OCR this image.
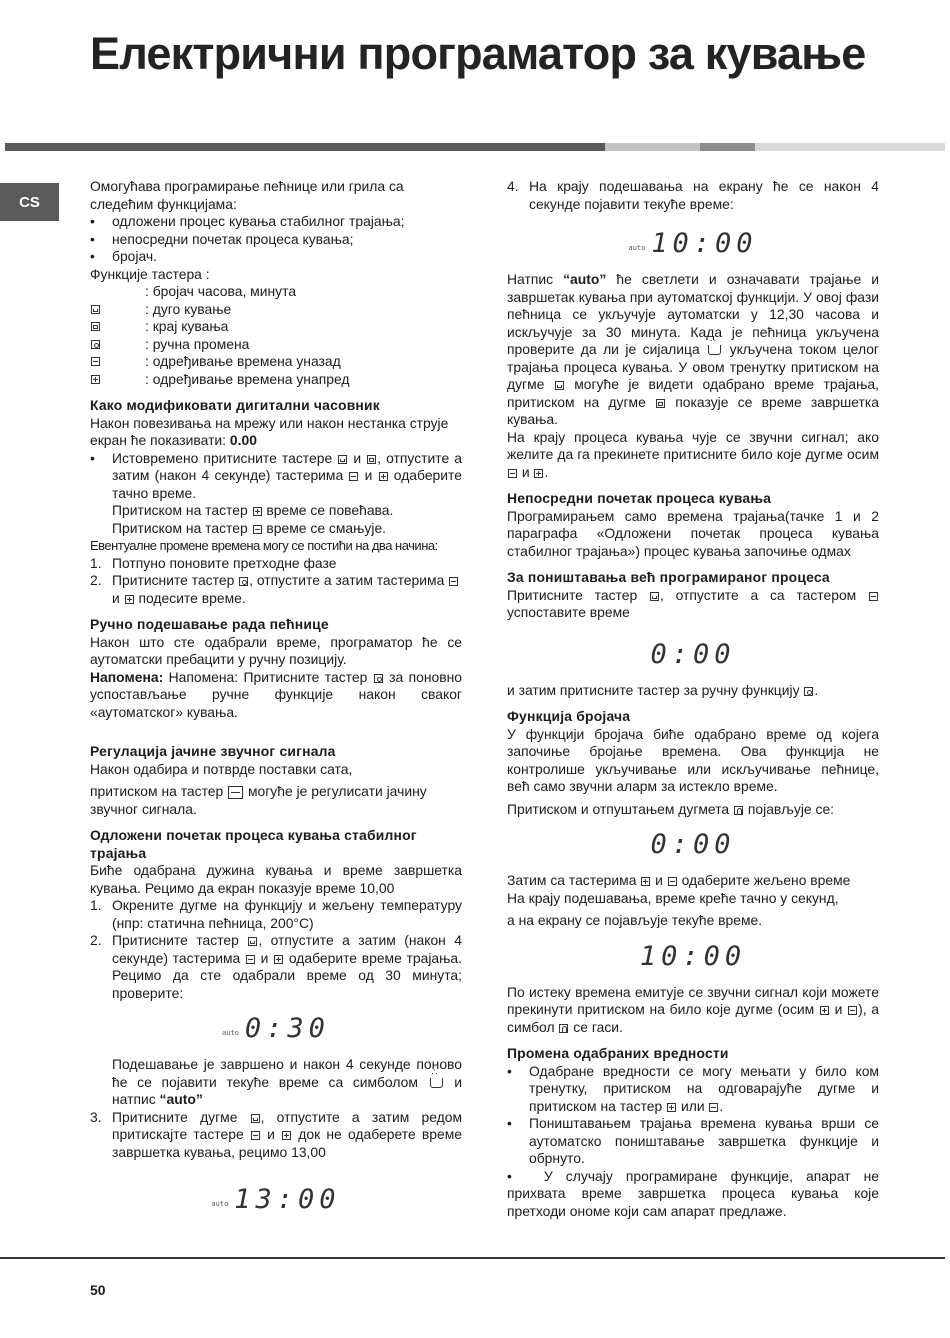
Електрични програматор за кување
CS

Омогућава програмирање пећнице или грила са следећим функцијама:

• одложени процес кувања стабилног трајања;

• непосредни почетак процеса кувања;

• бројач.

Функције тастера :

: бројач часова, минута
: дуго кување
: крај кувања
: ручна промена
: одређивање времена уназад
: одређивање времена унапред

Како модификовати дигитални часовник

Након повезивања на мрежу или након нестанка струје екран ће показивати: 0.00

• Истовремено притисните тастере  и , отпустите а затим (након 4 секунде) тастерима  и  одаберите тачно време.

Притиском на тастер  време се повећава.

Притиском на тастер  време се смањује.

Евентуалне промене времена могу се постићи на два начина:

1. Потпуно поновите претходне фазе

2. Притисните тастер , отпустите а затим тастерима  и  подесите време.

Ручно подешавање рада пећнице

Након што сте одабрали време, програматор ће се аутоматски пребацити у ручну позицију.

Напомена: Напомена: Притисните тастер  за поновно успостављање ручне функције након сваког «аутоматског» кувања.

Регулација јачине звучног сигнала

Након одабира и потврде поставки сата,

притиском на тастер  могуће је регулисати јачину звучног сигнала.

Одложени почетак процеса кувања стабилног трајања

Биће одабрана дужина кувања и време завршетка кувања. Рецимо да екран показује време 10,00

1. Окрените дугме на функцију и жељену температуру (нпр: статична пећница, 200°C)

2. Притисните тастер , отпустите а затим (након 4 секунде) тастерима  и  одаберите време трајања. Рецимо да сте одабрали време од 30 минута; проверите:

auto 0:30

Подешавање је завршено и након 4 секунде поново ће се појавити текуће време са симболом ∴ и натпис “auto”

3. Притисните дугме , отпустите а затим редом притискајте тастере  и  док не одаберете време завршетка кувања, рецимо 13,00

auto 13:00

4. На крају подешавања на екрану ће се након 4 секунде појавити текуће време:

auto 10:00

Натпис “auto” ће светлети и означавати трајање и завршетак кувања при аутоматској функцији. У овој фази пећница се укључује аутоматски у 12,30 часова и искључује за 30 минута. Када је пећница укључена проверите да ли је сијалица ∴ укључена током целог трајања процеса кувања. У овом тренутку притиском на дугме  могуће је видети одабрано време трајања, притиском на дугме  показује се време завршетка кувања.

На крају процеса кувања чује се звучни сигнал; ако желите да га прекинете притисните било које дугме осим  и .

Непосредни почетак процеса кувања

Програмирањем само времена трајања(тачке 1 и 2 параграфа «Одложени почетак процеса кувања стабилног трајања») процес кувања започиње одмах

За поништавања већ програмираног процеса

Притисните тастер , отпустите а са тастером  успоставите време

0:00

и затим притисните тастер за ручну функцију .

Функција бројача

У функцији бројача биће одабрано време од којега започиње бројање времена. Ова функција не контролише укључивање или искључивање пећнице, већ само звучни аларм за истекло време.

Притиском и отпуштањем дугмета  појављује се:

0:00

Затим са тастерима  и  одаберите жељено време

На крају подешавања, време креће тачно у секунд,

а на екрану се појављује текуће време.

10:00

По истеку времена емитује се звучни сигнал који можете прекинути притиском на било које дугме (осим  и ), а симбол  се гаси.

Промена одабраних вредности

• Одабране вредности се могу мењати у било ком тренутку, притиском на одговарајуће дугме и притиском на тастер  или .

• Поништавањем трајања времена кувања врши се аутоматско поништавање завршетка функције и обрнуто.

• У случају програмиране функције, апарат не прихвата време завршетка процеса кувања које претходи ономе који сам апарат предлаже.

50
